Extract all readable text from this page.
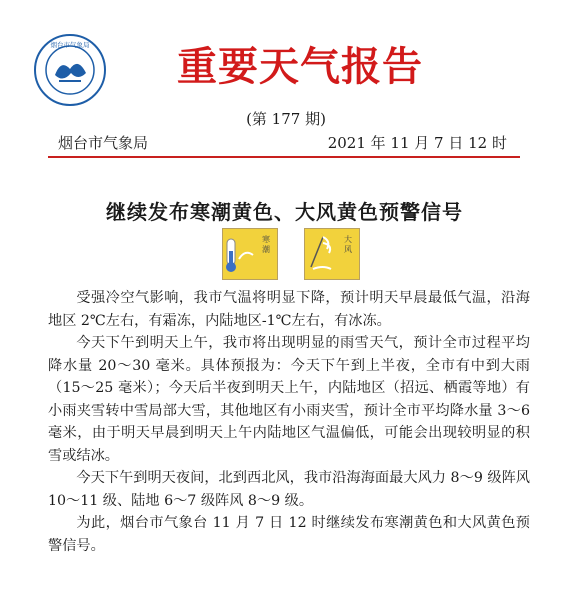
烟台市气象局	重要天气报告
(第 177 期)
烟台市气象局	2021 年 11 月 7 日 12 时
继续发布寒潮黄色、大风黄色预警信号
寒
潮
大
风

受强冷空气影响，我市气温将明显下降，预计明天早晨最低气温，沿海地区 2℃左右，有霜冻，内陆地区-1℃左右，有冰冻。

今天下午到明天上午，我市将出现明显的雨雪天气，预计全市过程平均降水量 20～30 毫米。具体预报为：今天下午到上半夜，全市有中到大雨（15～25 毫米）；今天后半夜到明天上午，内陆地区（招远、栖霞等地）有小雨夹雪转中雪局部大雪，其他地区有小雨夹雪，预计全市平均降水量 3～6 毫米，由于明天早晨到明天上午内陆地区气温偏低，可能会出现较明显的积雪或结冰。

今天下午到明天夜间，北到西北风，我市沿海海面最大风力 8～9 级阵风 10～11 级、陆地 6～7 级阵风 8～9 级。

为此，烟台市气象台 11 月 7 日 12 时继续发布寒潮黄色和大风黄色预警信号。
